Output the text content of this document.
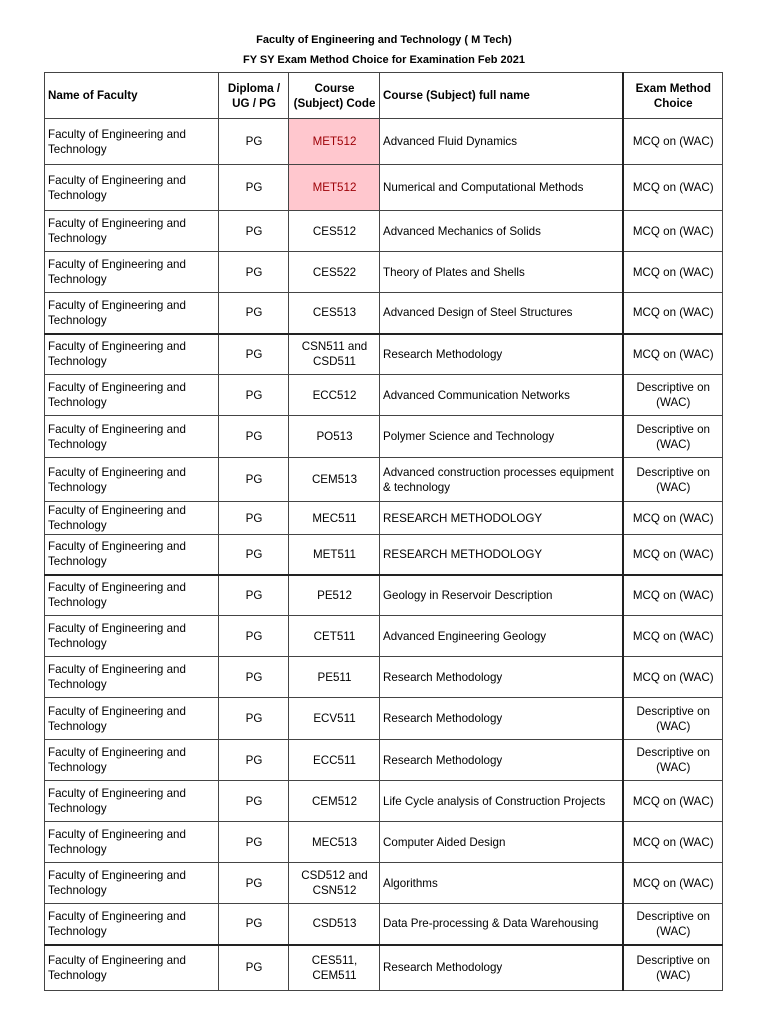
Faculty of Engineering and Technology ( M Tech)
FY SY Exam Method Choice for Examination Feb 2021
Name of Faculty	Diploma / UG / PG	Course (Subject) Code	Course (Subject) full name	Exam Method Choice
Faculty of Engineering and Technology	PG	MET512	Advanced Fluid Dynamics	MCQ on (WAC)
Faculty of Engineering and Technology	PG	MET512	Numerical and Computational Methods	MCQ on (WAC)
Faculty of Engineering and Technology	PG	CES512	Advanced Mechanics of Solids	MCQ on (WAC)
Faculty of Engineering and Technology	PG	CES522	Theory of Plates and Shells	MCQ on (WAC)
Faculty of Engineering and Technology	PG	CES513	Advanced Design of Steel Structures	MCQ on (WAC)
Faculty of Engineering and Technology	PG	CSN511 and CSD511	Research Methodology	MCQ on (WAC)
Faculty of Engineering and Technology	PG	ECC512	Advanced Communication Networks	Descriptive on (WAC)
Faculty of Engineering and Technology	PG	PO513	Polymer Science and Technology	Descriptive on (WAC)
Faculty of Engineering and Technology	PG	CEM513	Advanced construction processes equipment & technology	Descriptive on (WAC)
Faculty of Engineering and Technology	PG	MEC511	RESEARCH METHODOLOGY	MCQ on (WAC)
Faculty of Engineering and Technology	PG	MET511	RESEARCH METHODOLOGY	MCQ on (WAC)
Faculty of Engineering and Technology	PG	PE512	Geology in Reservoir Description	MCQ on (WAC)
Faculty of Engineering and Technology	PG	CET511	Advanced Engineering Geology	MCQ on (WAC)
Faculty of Engineering and Technology	PG	PE511	Research Methodology	MCQ on (WAC)
Faculty of Engineering and Technology	PG	ECV511	Research Methodology	Descriptive on (WAC)
Faculty of Engineering and Technology	PG	ECC511	Research Methodology	Descriptive on (WAC)
Faculty of Engineering and Technology	PG	CEM512	Life Cycle analysis of Construction Projects	MCQ on (WAC)
Faculty of Engineering and Technology	PG	MEC513	Computer Aided Design	MCQ on (WAC)
Faculty of Engineering and Technology	PG	CSD512 and CSN512	Algorithms	MCQ on (WAC)
Faculty of Engineering and Technology	PG	CSD513	Data Pre-processing & Data Warehousing	Descriptive on (WAC)
Faculty of Engineering and Technology	PG	CES511, CEM511	Research Methodology	Descriptive on (WAC)
